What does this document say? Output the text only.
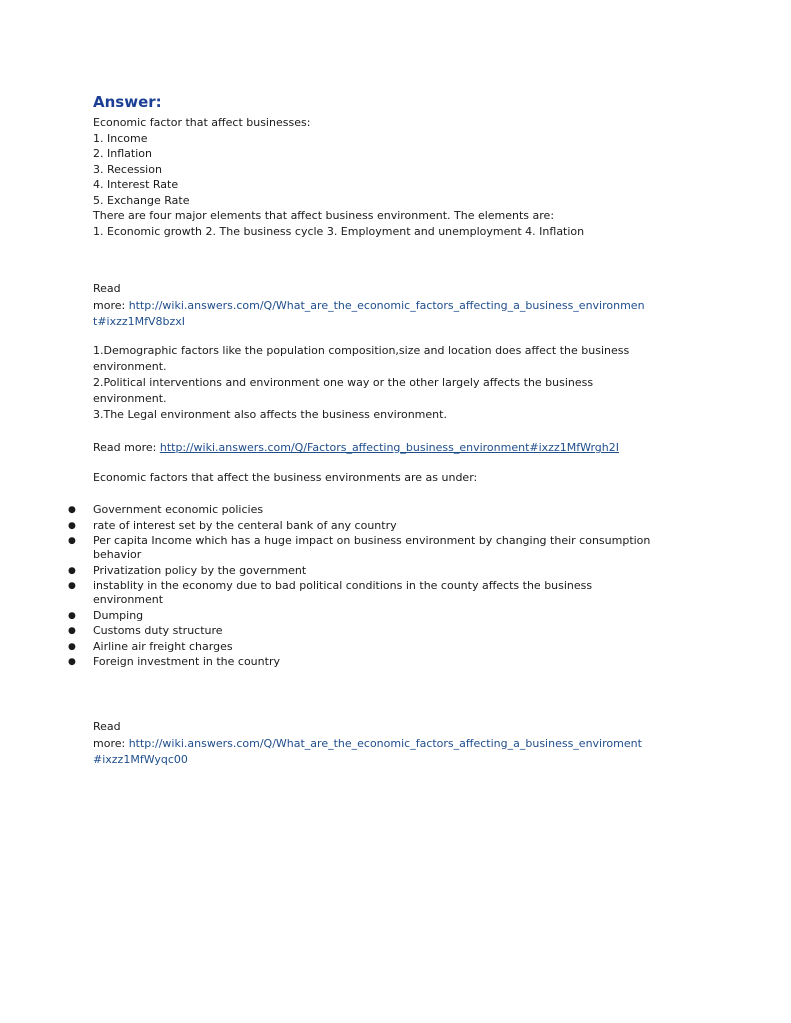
Answer:
Economic factor that affect businesses:
1. Income
2. Inflation
3. Recession
4. Interest Rate
5. Exchange Rate
There are four major elements that affect business environment. The elements are:
1. Economic growth 2. The business cycle 3. Employment and unemployment 4. Inflation
Read
more: http://wiki.answers.com/Q/What_are_the_economic_factors_affecting_a_business_environmen
t#ixzz1MfV8bzxI
1.Demographic factors like the population composition,size and location does affect the business
environment.
2.Political interventions and environment one way or the other largely affects the business
environment.
3.The Legal environment also affects the business environment.
Read more: http://wiki.answers.com/Q/Factors_affecting_business_environment#ixzz1MfWrgh2I
Economic factors that affect the business environments are as under:
● Government economic policies
● rate of interest set by the centeral bank of any country
● Per capita Income which has a huge impact on business environment by changing their consumption
behavior
● Privatization policy by the government
● instablity in the economy due to bad political conditions in the county affects the business
environment
● Dumping
● Customs duty structure
● Airline air freight charges
● Foreign investment in the country
Read
more: http://wiki.answers.com/Q/What_are_the_economic_factors_affecting_a_business_enviroment
#ixzz1MfWyqc00
